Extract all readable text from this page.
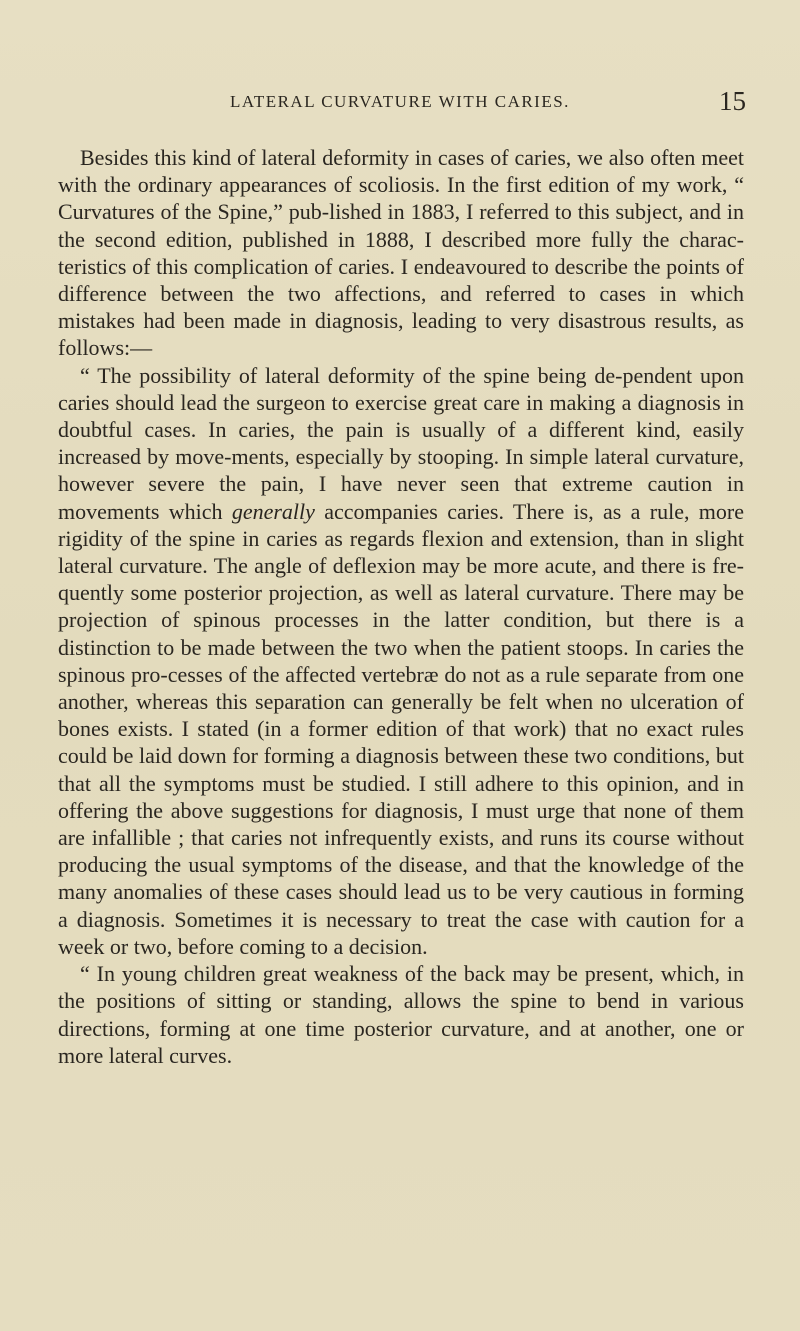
LATERAL CURVATURE WITH CARIES.	15

Besides this kind of lateral deformity in cases of caries, we also often meet with the ordinary appearances of scoliosis. In the first edition of my work, “ Curvatures of the Spine,” pub-lished in 1883, I referred to this subject, and in the second edition, published in 1888, I described more fully the charac-teristics of this complication of caries. I endeavoured to describe the points of difference between the two affections, and referred to cases in which mistakes had been made in diagnosis, leading to very disastrous results, as follows:—

“ The possibility of lateral deformity of the spine being de-pendent upon caries should lead the surgeon to exercise great care in making a diagnosis in doubtful cases. In caries, the pain is usually of a different kind, easily increased by move-ments, especially by stooping. In simple lateral curvature, however severe the pain, I have never seen that extreme caution in movements which generally accompanies caries. There is, as a rule, more rigidity of the spine in caries as regards flexion and extension, than in slight lateral curvature. The angle of deflexion may be more acute, and there is fre-quently some posterior projection, as well as lateral curvature. There may be projection of spinous processes in the latter condition, but there is a distinction to be made between the two when the patient stoops. In caries the spinous pro-cesses of the affected vertebræ do not as a rule separate from one another, whereas this separation can generally be felt when no ulceration of bones exists. I stated (in a former edition of that work) that no exact rules could be laid down for forming a diagnosis between these two conditions, but that all the symptoms must be studied. I still adhere to this opinion, and in offering the above suggestions for diagnosis, I must urge that none of them are infallible ; that caries not infrequently exists, and runs its course without producing the usual symptoms of the disease, and that the knowledge of the many anomalies of these cases should lead us to be very cautious in forming a diagnosis. Sometimes it is necessary to treat the case with caution for a week or two, before coming to a decision.

“ In young children great weakness of the back may be present, which, in the positions of sitting or standing, allows the spine to bend in various directions, forming at one time posterior curvature, and at another, one or more lateral curves.
